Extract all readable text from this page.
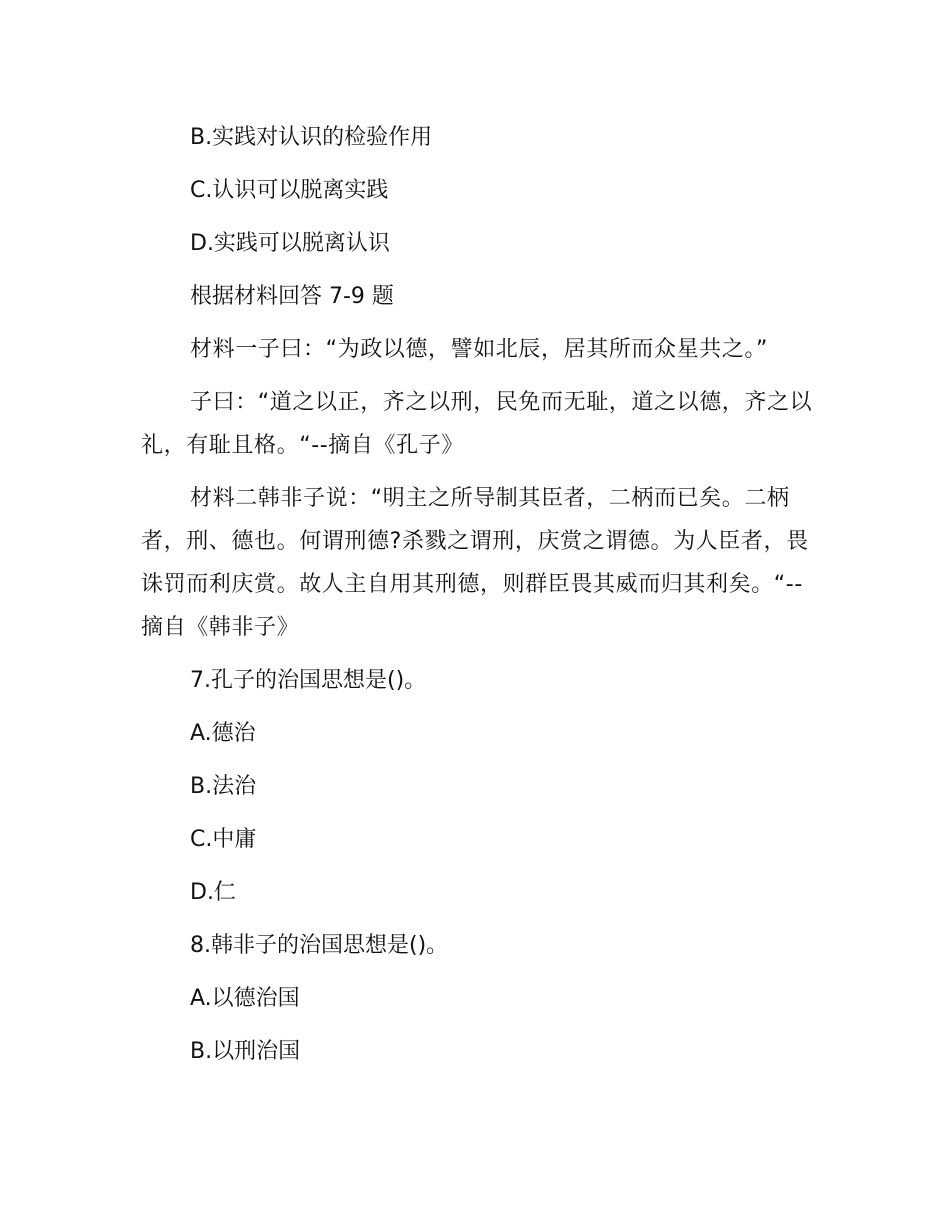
B.实践对认识的检验作用
C.认识可以脱离实践
D.实践可以脱离认识
根据材料回答 7-9 题
材料一子曰：“为政以德，譬如北辰，居其所而众星共之。”
子曰：“道之以正，齐之以刑，民免而无耻，道之以德，齐之以礼，有耻且格。“--摘自《孔子》
材料二韩非子说：“明主之所导制其臣者，二柄而已矣。二柄者，刑、德也。何谓刑德?杀戮之谓刑，庆赏之谓德。为人臣者，畏诛罚而利庆赏。故人主自用其刑德，则群臣畏其威而归其利矣。“--摘自《韩非子》
7.孔子的治国思想是()。
A.德治
B.法治
C.中庸
D.仁
8.韩非子的治国思想是()。
A.以德治国
B.以刑治国
